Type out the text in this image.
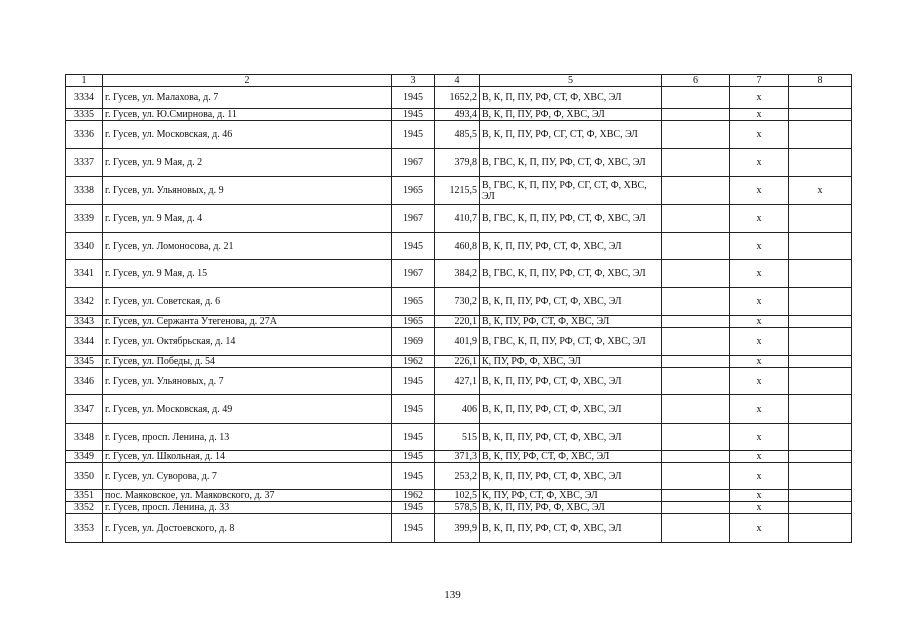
1	2	3	4	5	6	7	8
3334	г. Гусев, ул. Малахова, д. 7	1945	1652,2	В, К, П, ПУ, РФ, СТ, Ф, ХВС, ЭЛ		x	
3335	г. Гусев, ул. Ю.Смирнова, д. 11	1945	493,4	В, К, П, ПУ, РФ, Ф, ХВС, ЭЛ		x	
3336	г. Гусев, ул. Московская, д. 46	1945	485,5	В, К, П, ПУ, РФ, СГ, СТ, Ф, ХВС, ЭЛ		x	
3337	г. Гусев, ул. 9 Мая, д. 2	1967	379,8	В, ГВС, К, П, ПУ, РФ, СТ, Ф, ХВС, ЭЛ		x	
3338	г. Гусев, ул. Ульяновых, д. 9	1965	1215,5	В, ГВС, К, П, ПУ, РФ, СГ, СТ, Ф, ХВС, ЭЛ		x	x
3339	г. Гусев, ул. 9 Мая, д. 4	1967	410,7	В, ГВС, К, П, ПУ, РФ, СТ, Ф, ХВС, ЭЛ		x	
3340	г. Гусев, ул. Ломоносова, д. 21	1945	460,8	В, К, П, ПУ, РФ, СТ, Ф, ХВС, ЭЛ		x	
3341	г. Гусев, ул. 9 Мая, д. 15	1967	384,2	В, ГВС, К, П, ПУ, РФ, СТ, Ф, ХВС, ЭЛ		x	
3342	г. Гусев, ул. Советская, д. 6	1965	730,2	В, К, П, ПУ, РФ, СТ, Ф, ХВС, ЭЛ		x	
3343	г. Гусев, ул. Сержанта Утегенова, д. 27А	1965	220,1	В, К, ПУ, РФ, СТ, Ф, ХВС, ЭЛ		x	
3344	г. Гусев, ул. Октябрьская, д. 14	1969	401,9	В, ГВС, К, П, ПУ, РФ, СТ, Ф, ХВС, ЭЛ		x	
3345	г. Гусев, ул. Победы, д. 54	1962	226,1	К, ПУ, РФ, Ф, ХВС, ЭЛ		x	
3346	г. Гусев, ул. Ульяновых, д. 7	1945	427,1	В, К, П, ПУ, РФ, СТ, Ф, ХВС, ЭЛ		x	
3347	г. Гусев, ул. Московская, д. 49	1945	406	В, К, П, ПУ, РФ, СТ, Ф, ХВС, ЭЛ		x	
3348	г. Гусев, просп. Ленина, д. 13	1945	515	В, К, П, ПУ, РФ, СТ, Ф, ХВС, ЭЛ		x	
3349	г. Гусев, ул. Школьная, д. 14	1945	371,3	В, К, ПУ, РФ, СТ, Ф, ХВС, ЭЛ		x	
3350	г. Гусев, ул. Суворова, д. 7	1945	253,2	В, К, П, ПУ, РФ, СТ, Ф, ХВС, ЭЛ		x	
3351	пос. Маяковское, ул. Маяковского, д. 37	1962	102,5	К, ПУ, РФ, СТ, Ф, ХВС, ЭЛ		x	
3352	г. Гусев, просп. Ленина, д. 33	1945	578,5	В, К, П, ПУ, РФ, Ф, ХВС, ЭЛ		x	
3353	г. Гусев, ул. Достоевского, д. 8	1945	399,9	В, К, П, ПУ, РФ, СТ, Ф, ХВС, ЭЛ		x	
139
